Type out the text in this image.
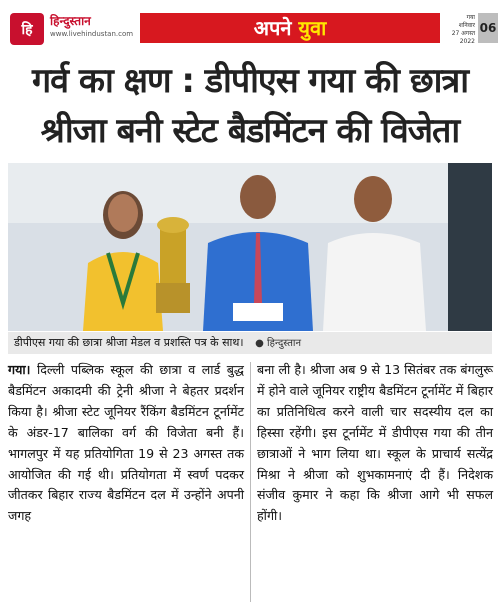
हि
हिन्दुस्तान
www.livehindustan.com	अपने युवा	गया
शनिवार
27 अगस्त 2022
06
गर्व का क्षण : डीपीएस गया की छात्रा
श्रीजा बनी स्टेट बैडमिंटन की विजेता
डीपीएस गया की छात्रा श्रीजा मेडल व प्रशस्ति पत्र के साथ। ● हिन्दुस्तान
गया। दिल्ली पब्लिक स्कूल की छात्रा व लार्ड बुद्ध बैडमिंटन अकादमी की ट्रेनी श्रीजा ने बेहतर प्रदर्शन किया है। श्रीजा स्टेट जूनियर रैंकिंग बैडमिंटन टूर्नामेंट के अंडर-17 बालिका वर्ग की विजेता बनी हैं। भागलपुर में यह प्रतियोगिता 19 से 23 अगस्त तक आयोजित की गई थी। प्रतियोगता में स्वर्ण पदकर जीतकर बिहार राज्य बैडमिंटन दल में उन्होंने अपनी जगह
बना ली है। श्रीजा अब 9 से 13 सितंबर तक बंगलुरू में होने वाले जूनियर राष्ट्रीय बैडमिंटन टूर्नामेंट में बिहार का प्रतिनिधित्व करने वाली चार सदस्यीय दल का हिस्सा रहेंगी। इस टूर्नामेंट में डीपीएस गया की तीन छात्राओं ने भाग लिया था। स्कूल के प्राचार्य सत्येंद्र मिश्रा ने श्रीजा को शुभकामनाएं दी हैं। निदेशक संजीव कुमार ने कहा कि श्रीजा आगे भी सफल होंगी।
